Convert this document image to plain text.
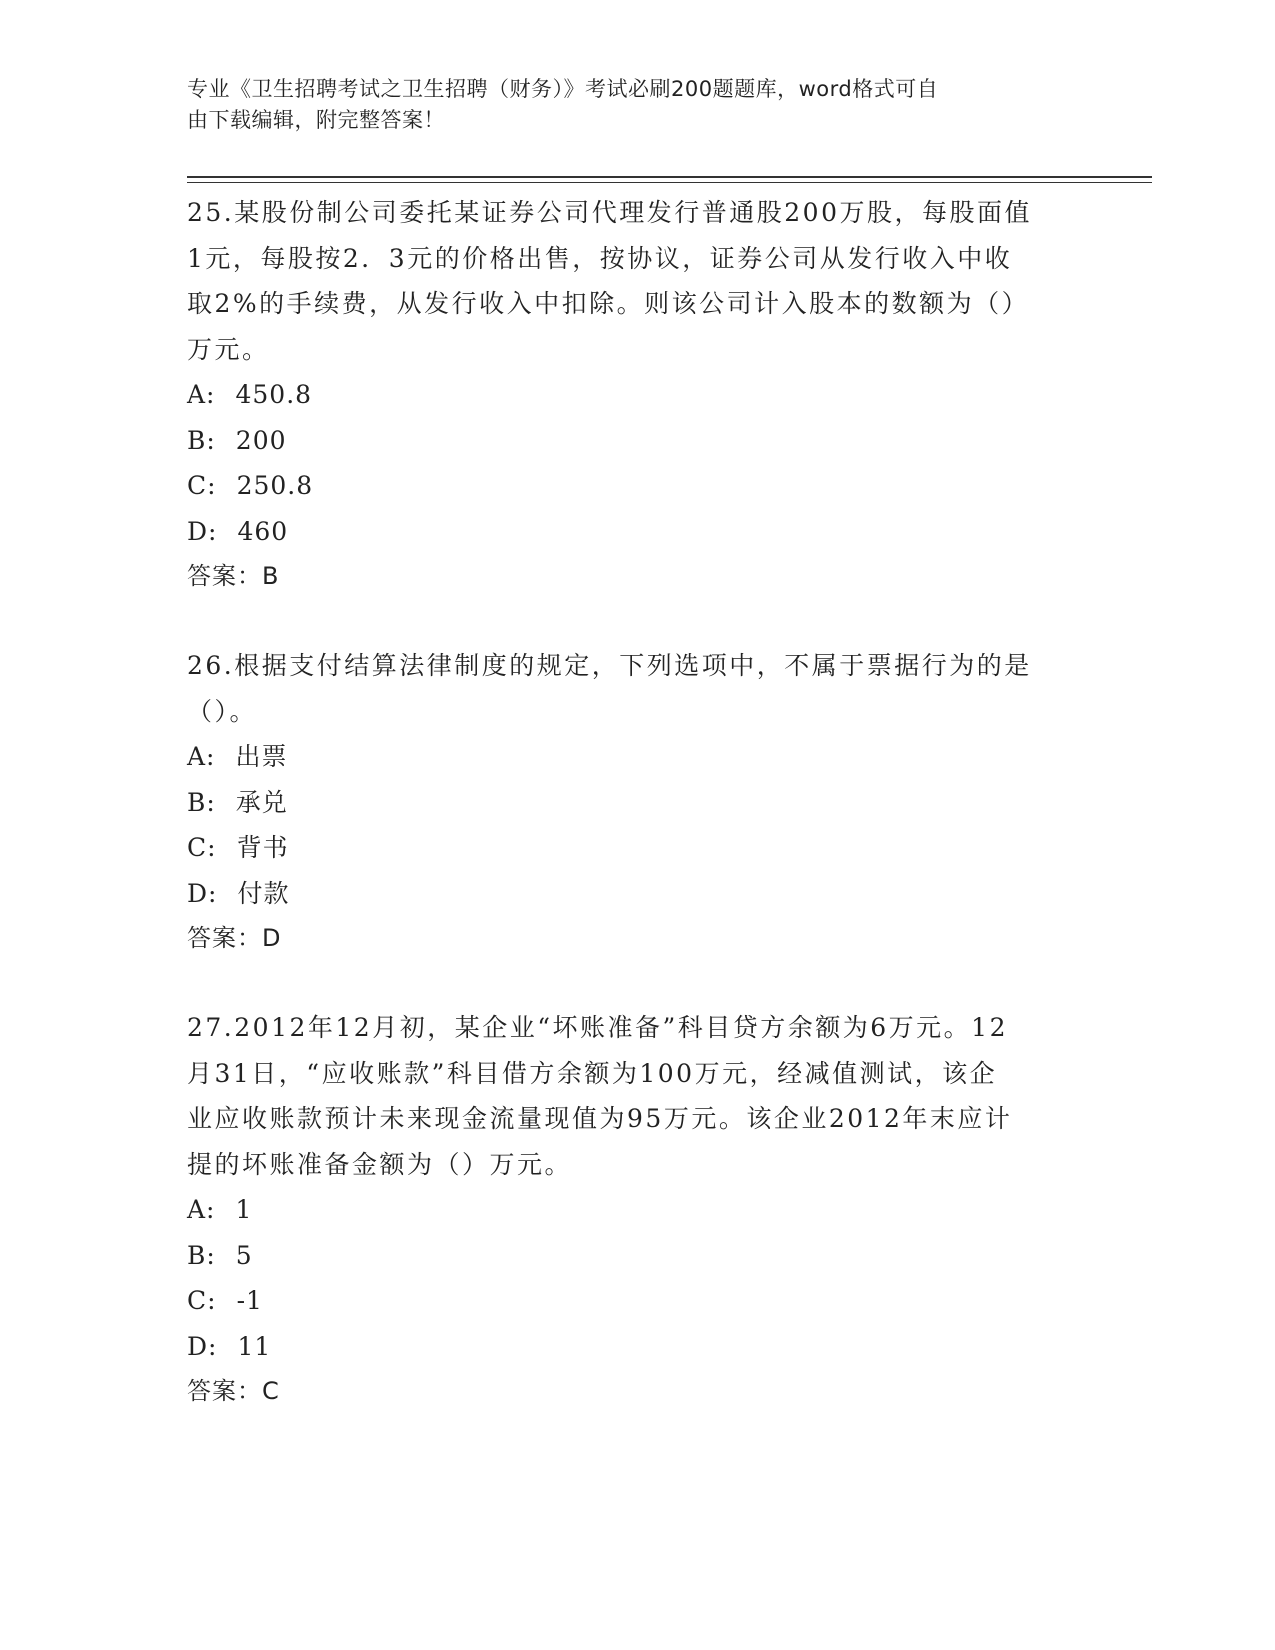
专业《卫生招聘考试之卫生招聘（财务）》考试必刷200题题库，word格式可自
由下载编辑，附完整答案！

25.某股份制公司委托某证券公司代理发行普通股200万股，每股面值

1元，每股按2．3元的价格出售，按协议，证券公司从发行收入中收

取2%的手续费，从发行收入中扣除。则该公司计入股本的数额为（）

万元。

A: 450.8

B: 200

C: 250.8

D: 460

答案：B

26.根据支付结算法律制度的规定，下列选项中，不属于票据行为的是

（）。

A: 出票

B: 承兑

C: 背书

D: 付款

答案：D

27.2012年12月初，某企业“坏账准备”科目贷方余额为6万元。12

月31日，“应收账款”科目借方余额为100万元，经减值测试，该企

业应收账款预计未来现金流量现值为95万元。该企业2012年末应计

提的坏账准备金额为（）万元。

A: 1

B: 5

C: -1

D: 11

答案：C
